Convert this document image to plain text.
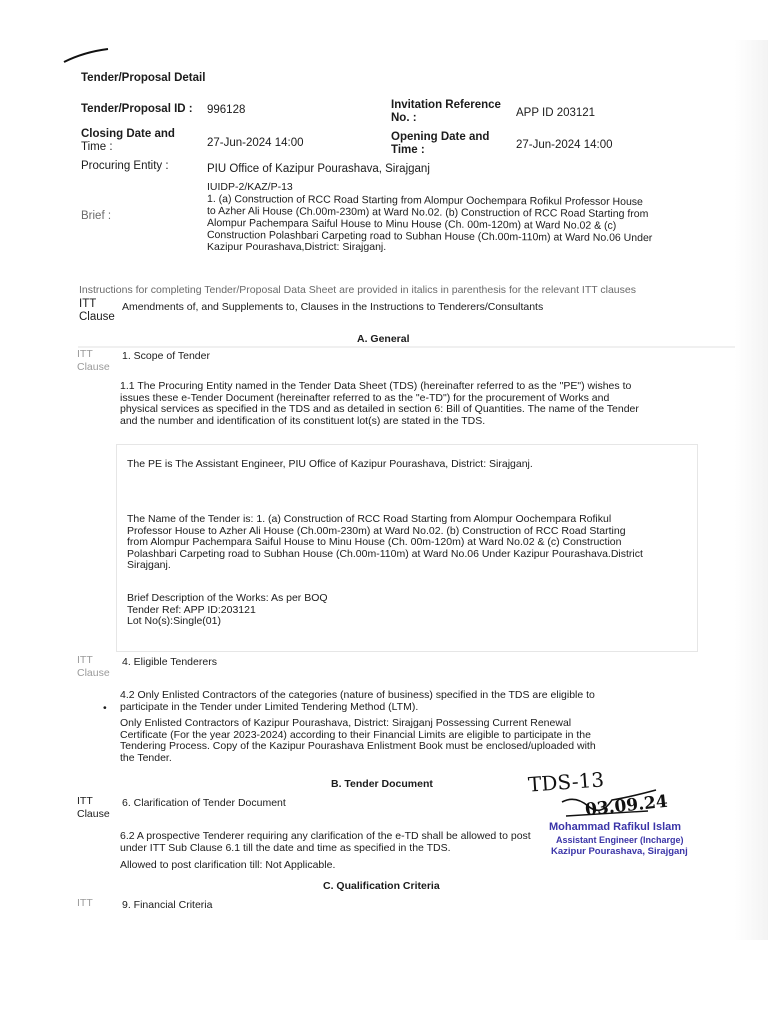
Tender/Proposal Detail
Tender/Proposal ID : 996128	Invitation Reference
No. :	APP ID 203121
Closing Date and
Time :	27-Jun-2024 14:00	Opening Date and
Time :	27-Jun-2024 14:00
Procuring Entity :	PIU Office of Kazipur Pourashava, Sirajganj
Brief :
IUIDP-2/KAZ/P-13
1. (a) Construction of RCC Road Starting from Alompur Oochempara Rofikul Professor House
to Azher Ali House (Ch.00m-230m) at Ward No.02. (b) Construction of RCC Road Starting from
Alompur Pachempara Saiful House to Minu House (Ch. 00m-120m) at Ward No.02 & (c)
Construction Polashbari Carpeting road to Subhan House (Ch.00m-110m) at Ward No.06 Under
Kazipur Pourashava,District: Sirajganj.
Instructions for completing Tender/Proposal Data Sheet are provided in italics in parenthesis for the relevant ITT clauses
ITT
Clause
Amendments of, and Supplements to, Clauses in the Instructions to Tenderers/Consultants
A. General
ITT
Clause
1. Scope of Tender
1.1 The Procuring Entity named in the Tender Data Sheet (TDS) (hereinafter referred to as the "PE") wishes to
issues these e-Tender Document (hereinafter referred to as the "e-TD") for the procurement of Works and
physical services as specified in the TDS and as detailed in section 6: Bill of Quantities. The name of the Tender
and the number and identification of its constituent lot(s) are stated in the TDS.
The PE is The Assistant Engineer, PIU Office of Kazipur Pourashava, District: Sirajganj.
The Name of the Tender is: 1. (a) Construction of RCC Road Starting from Alompur Oochempara Rofikul
Professor House to Azher Ali House (Ch.00m-230m) at Ward No.02. (b) Construction of RCC Road Starting
from Alompur Pachempara Saiful House to Minu House (Ch. 00m-120m) at Ward No.02 & (c) Construction
Polashbari Carpeting road to Subhan House (Ch.00m-110m) at Ward No.06 Under Kazipur Pourashava.District
Sirajganj.
Brief Description of the Works: As per BOQ
Tender Ref: APP ID:203121
Lot No(s):Single(01)
ITT
Clause
4. Eligible Tenderers
4.2 Only Enlisted Contractors of the categories (nature of business) specified in the TDS are eligible to
participate in the Tender under Limited Tendering Method (LTM).
•
Only Enlisted Contractors of Kazipur Pourashava, District: Sirajganj Possessing Current Renewal
Certificate (For the year 2023-2024) according to their Financial Limits are eligible to participate in the
Tendering Process. Copy of the Kazipur Pourashava Enlistment Book must be enclosed/uploaded with
the Tender.
B. Tender Document
ITT
Clause
6. Clarification of Tender Document
6.2 A prospective Tenderer requiring any clarification of the e-TD shall be allowed to post
under ITT Sub Clause 6.1 till the date and time as specified in the TDS.
Allowed to post clarification till: Not Applicable.
C. Qualification Criteria
ITT	9. Financial Criteria
TDS-13
03.09.24
Mohammad Rafikul Islam
Assistant Engineer (Incharge)
Kazipur Pourashava, Sirajganj
